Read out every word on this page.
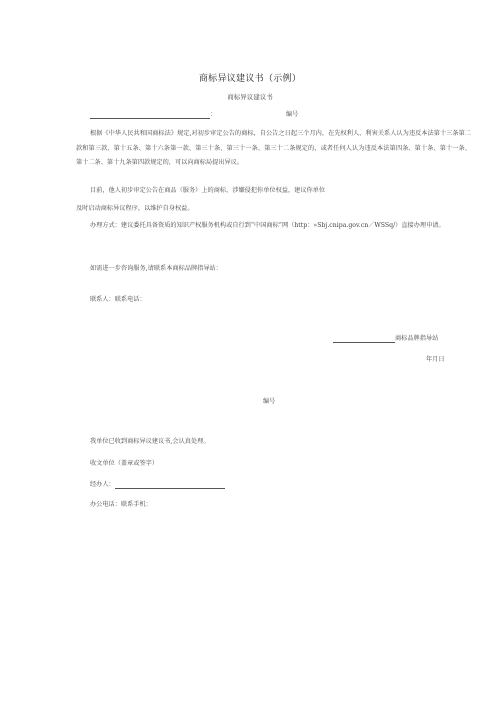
商标异议建议书（示例）
商标异议建议书
：	编号
根据《中华人民共和国商标法》规定,对初步审定公告的商标，自公告之日起三个月内，在先权利人、利害关系人认为违反本法第十三条第二款和第三款、第十五条、第十六条第一款、第三十条、第三十一条、第三十二条规定的，或者任何人认为违反本法第四条、第十条、第十一条、第十二条、第十九条第四款规定的，可以向商标局提出异议。
目前，他人初步审定公告在商品（服务）上的商标，涉嫌侵犯你单位权益，建议你单位
及时启动商标异议程序，以维护自身权益。
办理方式：建议委托具备资质的知识产权服务机构或自行到“中国商标”网（http：»Sbj.cnipa.gov.cn／WSSq/）直接办理申请。
如需进一步咨询服务,请联系本商标品牌指导站：
联系人：联系电话：
商标品牌指导站
年月日
编号
我单位已收到商标异议建议书,会认真处理。
收文单位（盖章或签字）
经办人：
办公电话：联系手机：
